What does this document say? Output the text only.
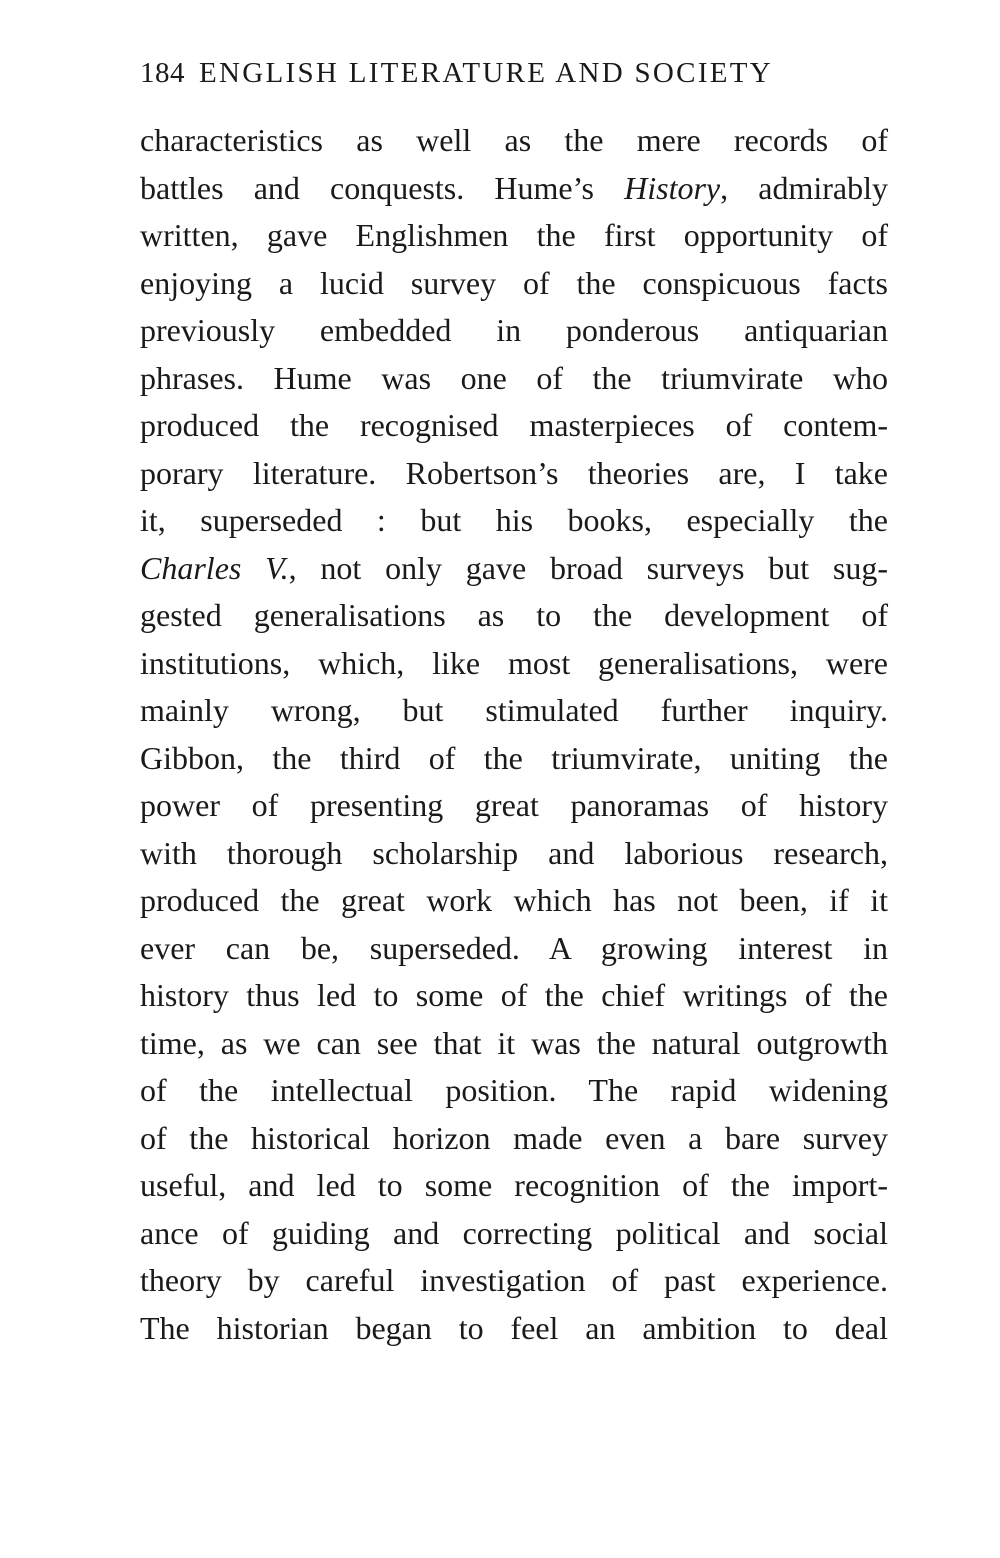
184 ENGLISH LITERATURE AND SOCIETY
characteristics as well as the mere records of
battles and conquests. Hume’s History, admirably
written, gave Englishmen the first opportunity of
enjoying a lucid survey of the conspicuous facts
previously embedded in ponderous antiquarian
phrases. Hume was one of the triumvirate who
produced the recognised masterpieces of contem-
porary literature. Robertson’s theories are, I take
it, superseded : but his books, especially the
Charles V., not only gave broad surveys but sug-
gested generalisations as to the development of
institutions, which, like most generalisations, were
mainly wrong, but stimulated further inquiry.
Gibbon, the third of the triumvirate, uniting the
power of presenting great panoramas of history
with thorough scholarship and laborious research,
produced the great work which has not been, if it
ever can be, superseded. A growing interest in
history thus led to some of the chief writings of the
time, as we can see that it was the natural outgrowth
of the intellectual position. The rapid widening
of the historical horizon made even a bare survey
useful, and led to some recognition of the import-
ance of guiding and correcting political and social
theory by careful investigation of past experience.
The historian began to feel an ambition to deal
